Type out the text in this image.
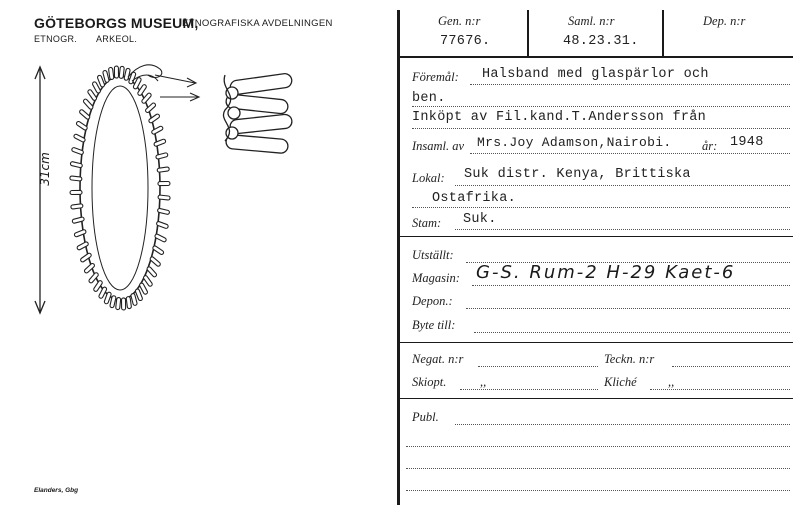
GÖTEBORGS MUSEUM,
ETNOGRAFISKA AVDELNINGEN
ETNOGR. ARKEOL.
31cm
Elanders, Gbg
Gen. n:r
77676.
Saml. n:r
48.23.31.
Dep. n:r
Föremål: Halsband med glaspärlor och
ben.
Inköpt av Fil.kand.T.Andersson från
Insaml. av Mrs.Joy Adamson,Nairobi. år: 1948
Lokal: Suk distr. Kenya, Brittiska
Ostafrika.
Stam: Suk.
Utställt:
Magasin: G-S. Rum-2 H-29 Kaet-6
Depon.:
Byte till:
Negat. n:r	Teckn. n:r
Skiopt.	,,	Kliché	,,
Publ.
